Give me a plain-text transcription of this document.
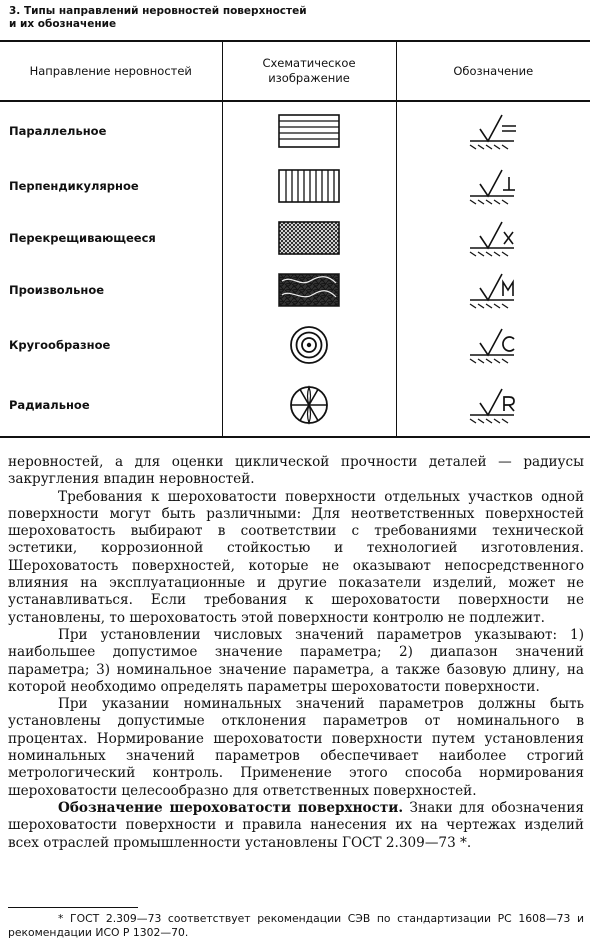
3. Типы направлений неровностей поверхностей
и их обозначение
Направление неровностей	Схематическое изображение	Обозначение
Параллельное		
Перпендикулярное		
Перекрещивающееся		
Произвольное		
Кругообразное		
Радиальное		

неровностей, а для оценки циклической прочности деталей — радиусы закругления впадин неровностей.

Требования к шероховатости поверхности отдельных участков одной поверхности могут быть различными: Для неответственных поверхностей шероховатость выбирают в соответствии с требованиями технической эстетики, коррозионной стойкостью и технологией изготовления. Шероховатость поверхностей, которые не оказывают непосредственного влияния на эксплуатационные и другие показатели изделий, может не устанавливаться. Если требования к шероховатости поверхности не установлены, то шероховатость этой поверхности контролю не подлежит.

При установлении числовых значений параметров указывают: 1) наибольшее допустимое значение параметра; 2) диапазон значений параметра; 3) номинальное значение параметра, а также базовую длину, на которой необходимо определять параметры шероховатости поверхности.

При указании номинальных значений параметров должны быть установлены допустимые отклонения параметров от номинального в процентах. Нормирование шероховатости поверхности путем установления номинальных значений параметров обеспечивает наиболее строгий метрологический контроль. Применение этого способа нормирования шероховатости целесообразно для ответственных поверхностей.

Обозначение шероховатости поверхности. Знаки для обозначения шероховатости поверхности и правила нанесения их на чертежах изделий всех отраслей промышленности установлены ГОСТ 2.309—73 *.

* ГОСТ 2.309—73 соответствует рекомендации СЭВ по стандартизации РС 1608—73 и рекомендации ИСО Р 1302—70.
